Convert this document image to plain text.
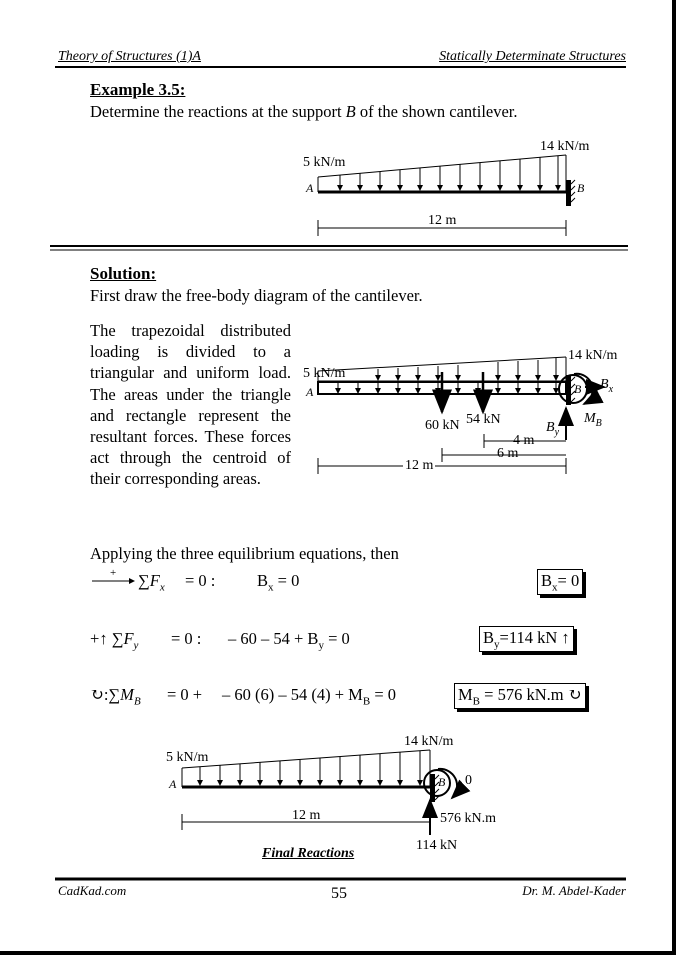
Theory of Structures (1)A	Statically Determinate Structures
Example 3.5:
Determine the reactions at the support B of the shown cantilever.
5 kN/m
14 kN/m
A	B
12 m
Solution:
First draw the free-body diagram of the cantilever.
The trapezoidal distributed loading is divided to a triangular and uniform load. The areas under the triangle and rectangle represent the resultant forces. These forces act through the centroid of their corresponding areas.
5 kN/m
14 kN/m
A	B $B_x$
$M_B$
$B_y$
60 kN 54 kN
4 m
6 m
12 m
Applying the three equilibrium equations, then
+ $\sum F_x = 0$ :	$B_x = 0$	$B_x= 0$
+↑ $\sum F_y = 0$ : – $60 - 54 + B_y = 0$	$B_y=114$ kN ↑
$↻:\sum M_B = 0$ + – 60 (6) – 54 $(4) + M_B = 0$	$M_B = 576$ kN.m ↻
5 kN/m
14 kN/m
A	B 0
12 m	576 kN.m
114 kN
Final Reactions
CadKad.com	55	Dr. M. Abdel-Kader
